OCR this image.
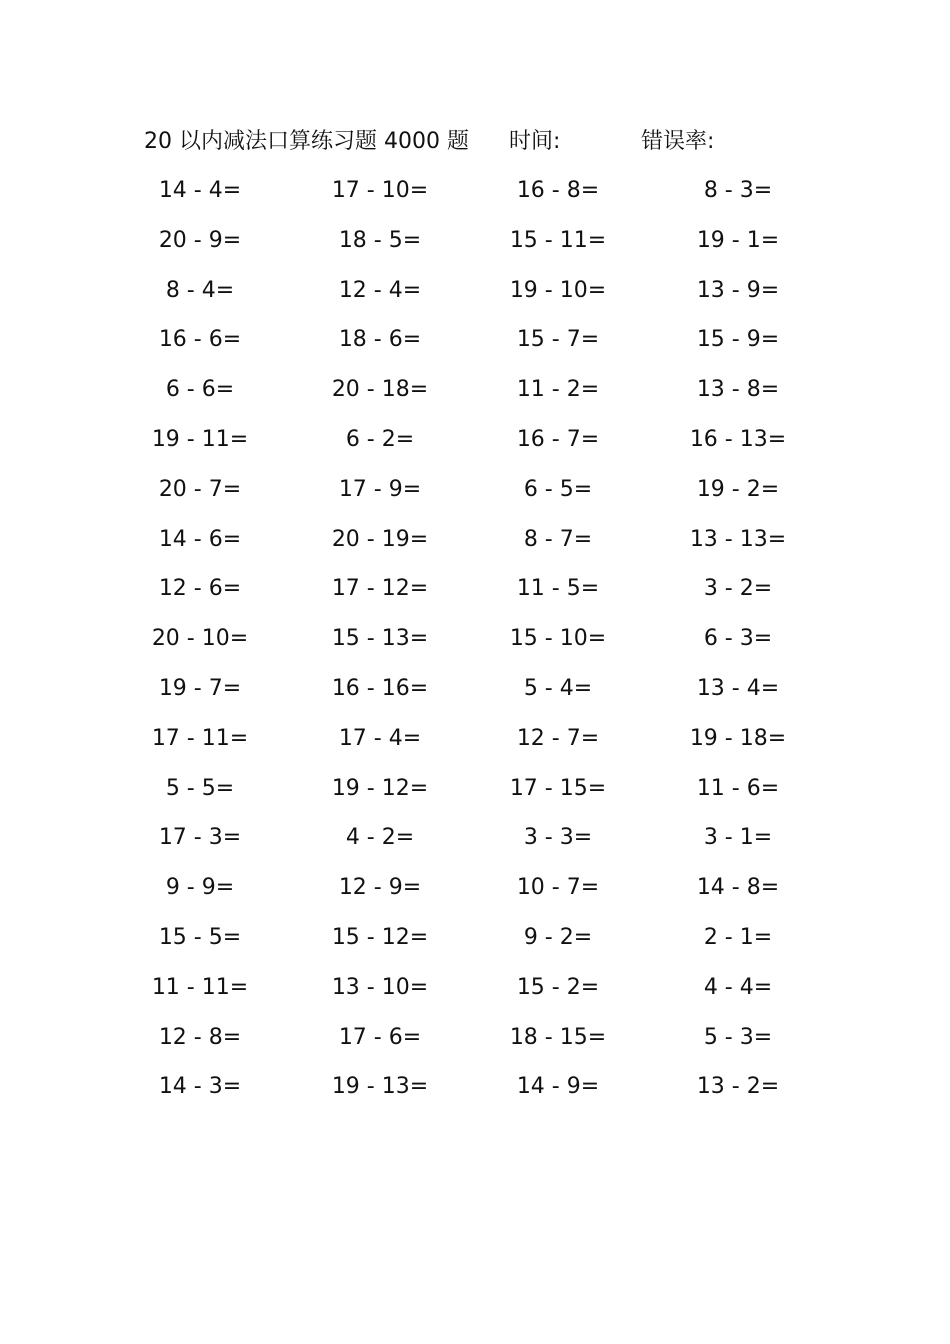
20 以内减法口算练习题 4000 题 时间:	错误率:
14 - 4=	17 - 10=	16 - 8=	8 - 3=
20 - 9=	18 - 5=	15 - 11=	19 - 1=
8 - 4=	12 - 4=	19 - 10=	13 - 9=
16 - 6=	18 - 6=	15 - 7=	15 - 9=
6 - 6=	20 - 18=	11 - 2=	13 - 8=
19 - 11=	6 - 2=	16 - 7=	16 - 13=
20 - 7=	17 - 9=	6 - 5=	19 - 2=
14 - 6=	20 - 19=	8 - 7=	13 - 13=
12 - 6=	17 - 12=	11 - 5=	3 - 2=
20 - 10=	15 - 13=	15 - 10=	6 - 3=
19 - 7=	16 - 16=	5 - 4=	13 - 4=
17 - 11=	17 - 4=	12 - 7=	19 - 18=
5 - 5=	19 - 12=	17 - 15=	11 - 6=
17 - 3=	4 - 2=	3 - 3=	3 - 1=
9 - 9=	12 - 9=	10 - 7=	14 - 8=
15 - 5=	15 - 12=	9 - 2=	2 - 1=
11 - 11=	13 - 10=	15 - 2=	4 - 4=
12 - 8=	17 - 6=	18 - 15=	5 - 3=
14 - 3=	19 - 13=	14 - 9=	13 - 2=
